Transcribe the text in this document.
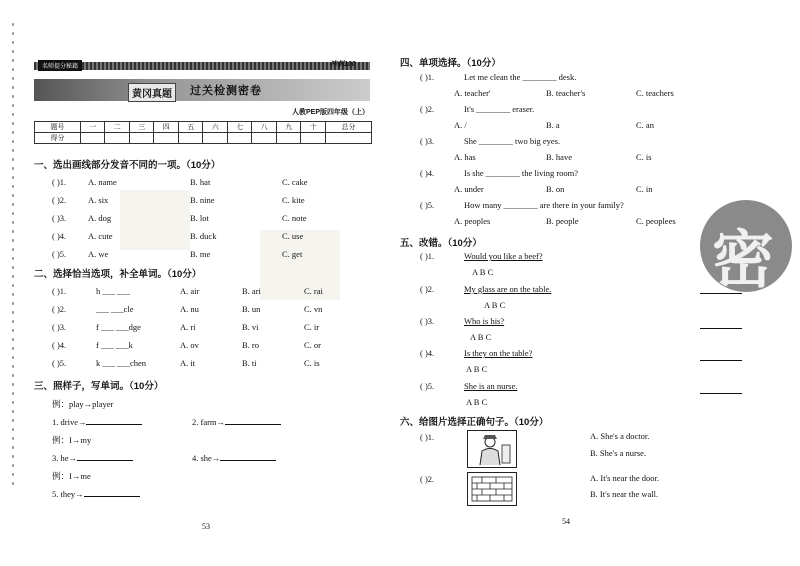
名师提分秘籍	冲刺100
黄冈真题	过关检测密卷
人教PEP版四年级（上）
题号	一	二	三	四	五	六	七	八	九	十	总分
得分											
一、选出画线部分发音不同的一项。（10分）
( )1.	A. name	B. hat	C. cake
( )2.	A. six	B. nine	C. kite
( )3.	A. dog	B. lot	C. note
( )4.	A. cute	B. duck	C. use
( )5.	A. we	B. me	C. get
二、选择恰当选项，补全单词。（10分）
( )1.	h ___ ___	A. air	B. ari	C. rai
( )2.	___ ___cle	A. nu	B. un	C. vn
( )3.	f ___ ___dge	A. ri	B. vi	C. ir
( )4.	f ___ ___k	A. ov	B. ro	C. or
( )5.	k ___ ___chen	A. it	B. ti	C. is
三、照样子，写单词。（10分）
例：play→player
1. drive→	2. farm→
例：I→my
3. he→	4. she→
例：I→me
5. they→
53
四、单项选择。（10分）
( )1.	Let me clean the ________ desk.
A. teacher'	B. teacher's	C. teachers
( )2.	It's ________ eraser.
A. /	B. a	C. an
( )3.	She ________ two big eyes.
A. has	B. have	C. is
( )4.	Is she ________ the living room?
A. under	B. on	C. in
( )5.	How many ________ are there in your family?
A. peoples	B. people	C. peoplees
五、改错。（10分）
( )1.	Would you like a beef?
A B C
( )2.	My glass are on the table.
A B C
( )3.	Who is his?
A B C
( )4.	Is they on the table?
A B C
( )5.	She is an nurse.
A B C
六、给图片选择正确句子。（10分）
( )1.	A. She's a doctor.
B. She's a nurse.
( )2.	A. It's near the door.
B. It's near the wall.
54
密
